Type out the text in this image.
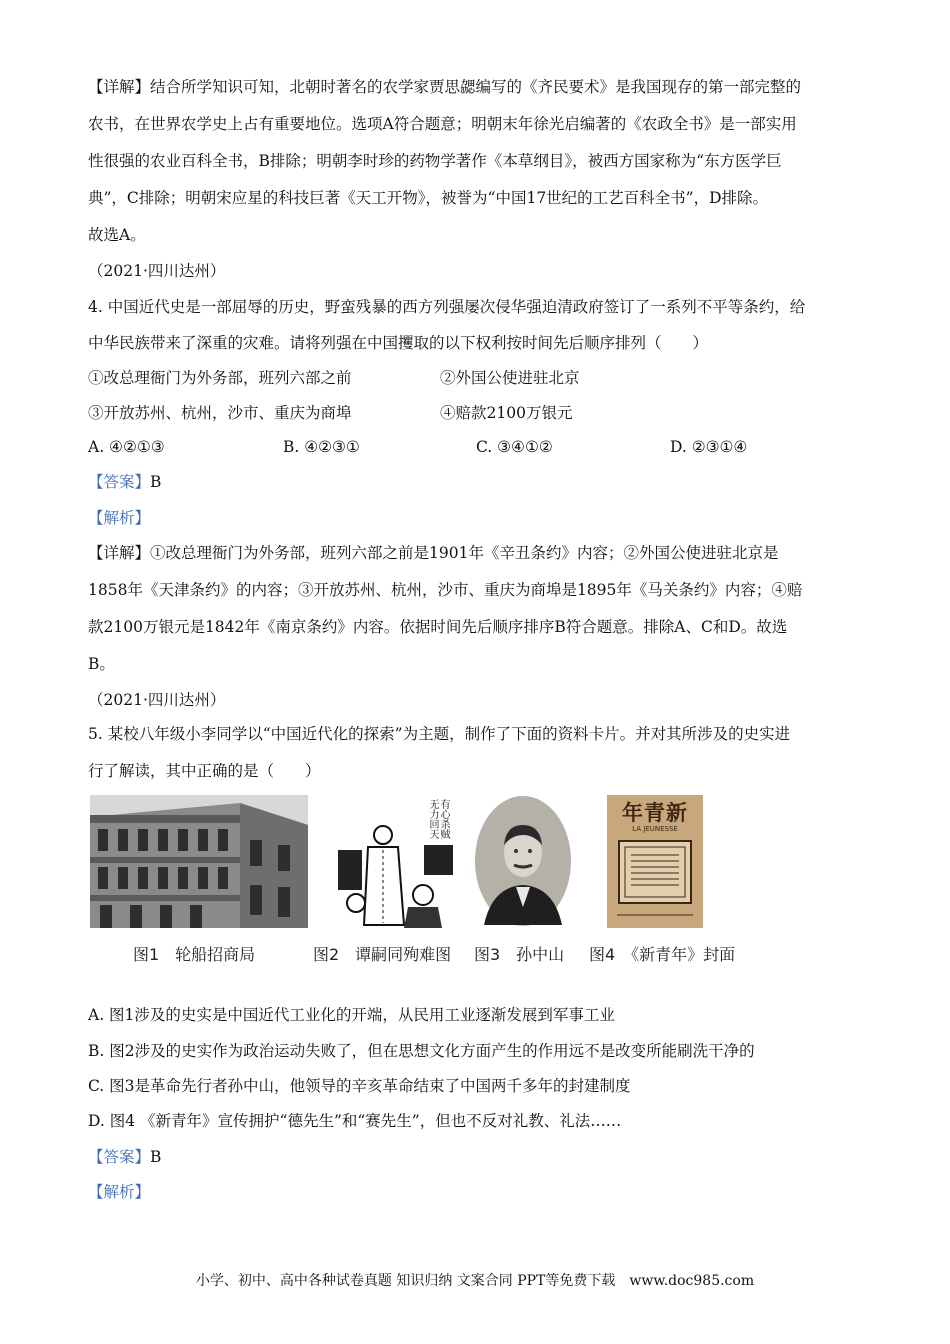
【详解】结合所学知识可知，北朝时著名的农学家贾思勰编写的《齐民要术》是我国现存的第一部完整的
农书，在世界农学史上占有重要地位。选项A符合题意；明朝末年徐光启编著的《农政全书》是一部实用
性很强的农业百科全书，B排除；明朝李时珍的药物学著作《本草纲目》，被西方国家称为“东方医学巨
典”，C排除；明朝宋应星的科技巨著《天工开物》，被誉为“中国17世纪的工艺百科全书”，D排除。
故选A。
（2021·四川达州）
4. 中国近代史是一部屈辱的历史，野蛮残暴的西方列强屡次侵华强迫清政府签订了一系列不平等条约，给
中华民族带来了深重的灾难。请将列强在中国攫取的以下权利按时间先后顺序排列（　　）
①改总理衙门为外务部，班列六部之前	②外国公使进驻北京
③开放苏州、杭州，沙市、重庆为商埠	④赔款2100万银元
A. ④②①③	B. ④②③①	C. ③④①②	D. ②③①④
【答案】B
【解析】
【详解】①改总理衙门为外务部，班列六部之前是1901年《辛丑条约》内容；②外国公使进驻北京是
1858年《天津条约》的内容；③开放苏州、杭州，沙市、重庆为商埠是1895年《马关条约》内容；④赔
款2100万银元是1842年《南京条约》内容。依据时间先后顺序排序B符合题意。排除A、C和D。故选
B。
（2021·四川达州）
5. 某校八年级小李同学以“中国近代化的探索”为主题，制作了下面的资料卡片。并对其所涉及的史实进
行了解读，其中正确的是（　　）
有心杀贼 无力回天	年青新
LA JEUNESSE
图1　轮船招商局	图2　谭嗣同殉难图 图3　孙中山 图4　《新青年》封面
A. 图1涉及的史实是中国近代工业化的开端，从民用工业逐渐发展到军事工业
B. 图2涉及的史实作为政治运动失败了，但在思想文化方面产生的作用远不是改变所能刷洗干净的
C. 图3是革命先行者孙中山，他领导的辛亥革命结束了中国两千多年的封建制度
D. 图4 《新青年》宣传拥护“德先生”和“赛先生”，但也不反对礼教、礼法……
【答案】B
【解析】
小学、初中、高中各种试卷真题 知识归纳 文案合同 PPT等免费下载　www.doc985.com
